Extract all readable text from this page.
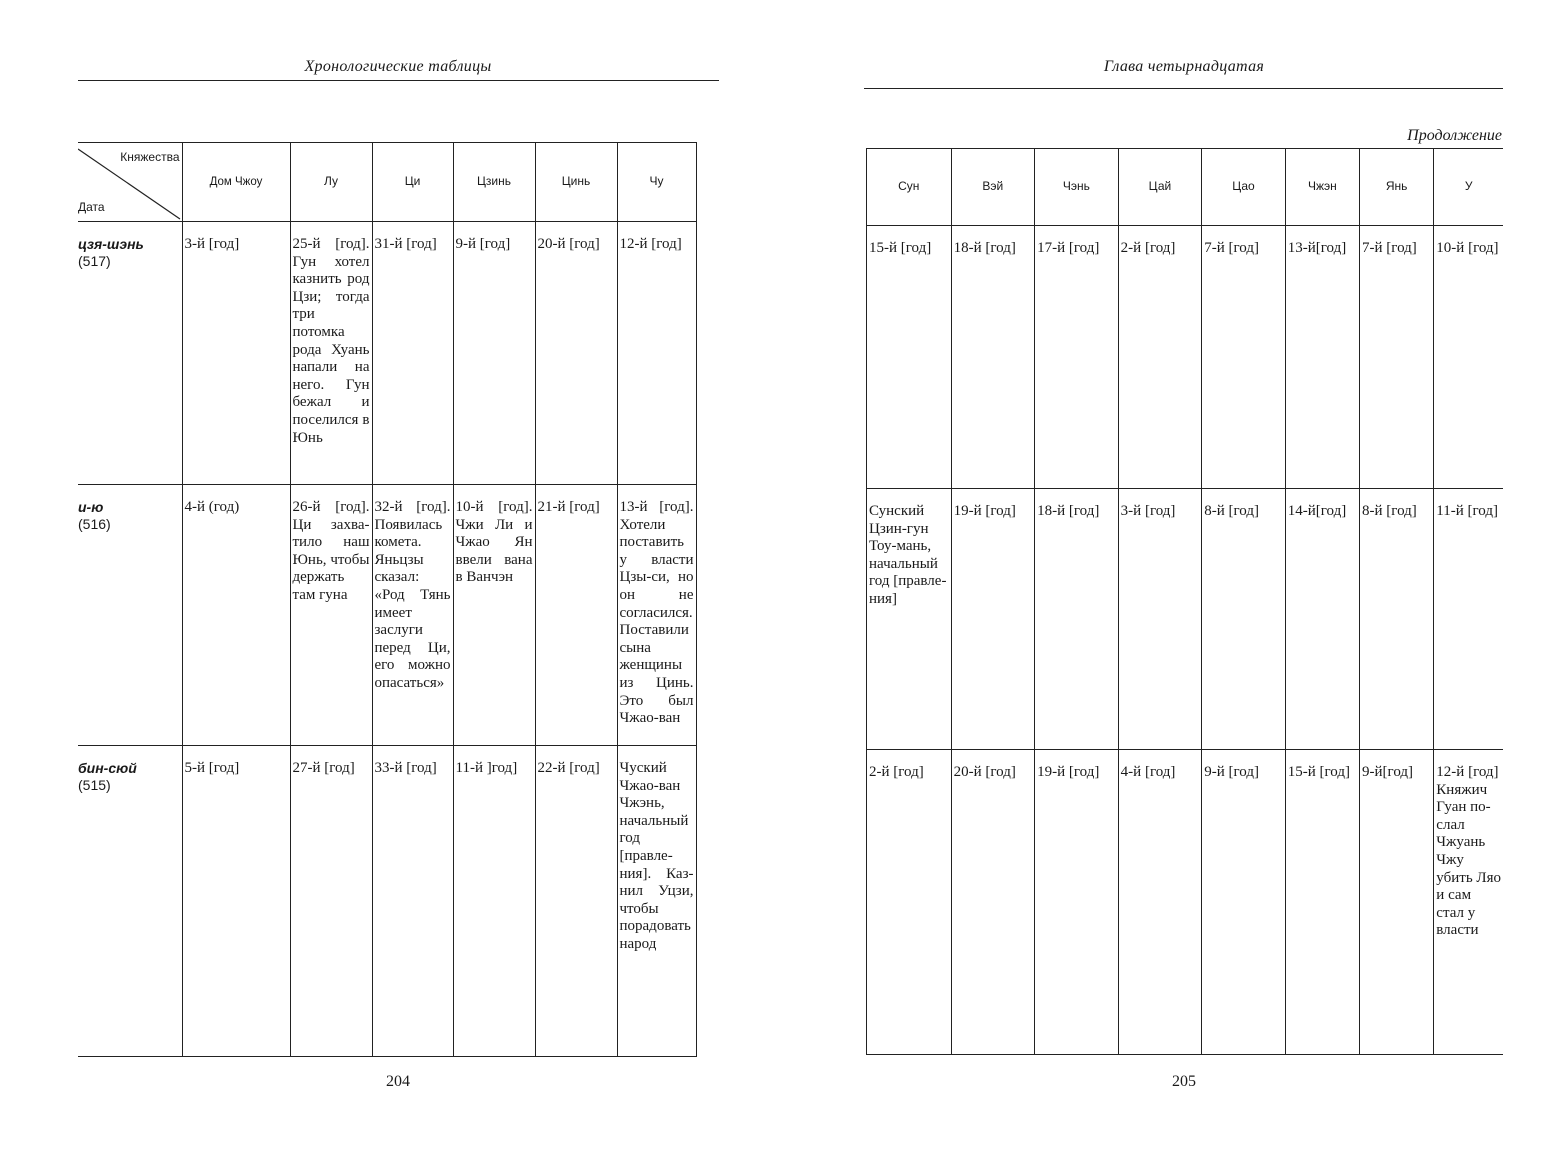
Хронологические таблицы
Княжества
Дата	Дом Чжоу	Лу	Ци	Цзинь	Цинь	Чу

цзя-шэнь
(517)	3-й [год]	25-й [год]. Гун хотел казнить род Цзи; тогда три потомка рода Хуань напали на него. Гун бежал и поселился в Юнь	31-й [год]	9-й [год]	20-й [год]	12-й [год]

и-ю
(516)	4-й (год)	26-й [год]. Ци захватило наш Юнь, чтобы держать там гуна	32-й [год]. Появилась комета. Яньцзы сказал: «Род Тянь имеет заслуги перед Ци, его можно опасаться»	10-й [год]. Чжи Ли и Чжао Ян ввели вана в Ванчэн	21-й [год]	13-й [год]. Хотели поставить у власти Цзы-си, но он не согласился. Поставили сына женщины из Цинь. Это был Чжао-ван

бин-сюй
(515)	5-й [год]	27-й [год]	33-й [год]	11-й ]год]	22-й [год]	Чуский Чжао-ван Чжэнь, начальный год [правления]. Казнил Уцзи, чтобы порадовать народ
204
Глава четырнадцатая
Продолжение
Сун	Вэй	Чэнь	Цай	Цао	Чжэн	Янь	У
15-й [год]	18-й [год]	17-й [год]	2-й [год]	7-й [год]	13-й[год]	7-й [год]	10-й [год]
Сунский Цзин-гун Тоу-мань, начальный год [правления]	19-й [год]	18-й [год]	3-й [год]	8-й [год]	14-й[год]	8-й [год]	11-й [год]
2-й [год]	20-й [год]	19-й [год]	4-й [год]	9-й [год]	15-й [год]	9-й[год]	12-й [год] Княжич Гуан послал Чжуань Чжу убить Ляо и сам стал у власти
205
